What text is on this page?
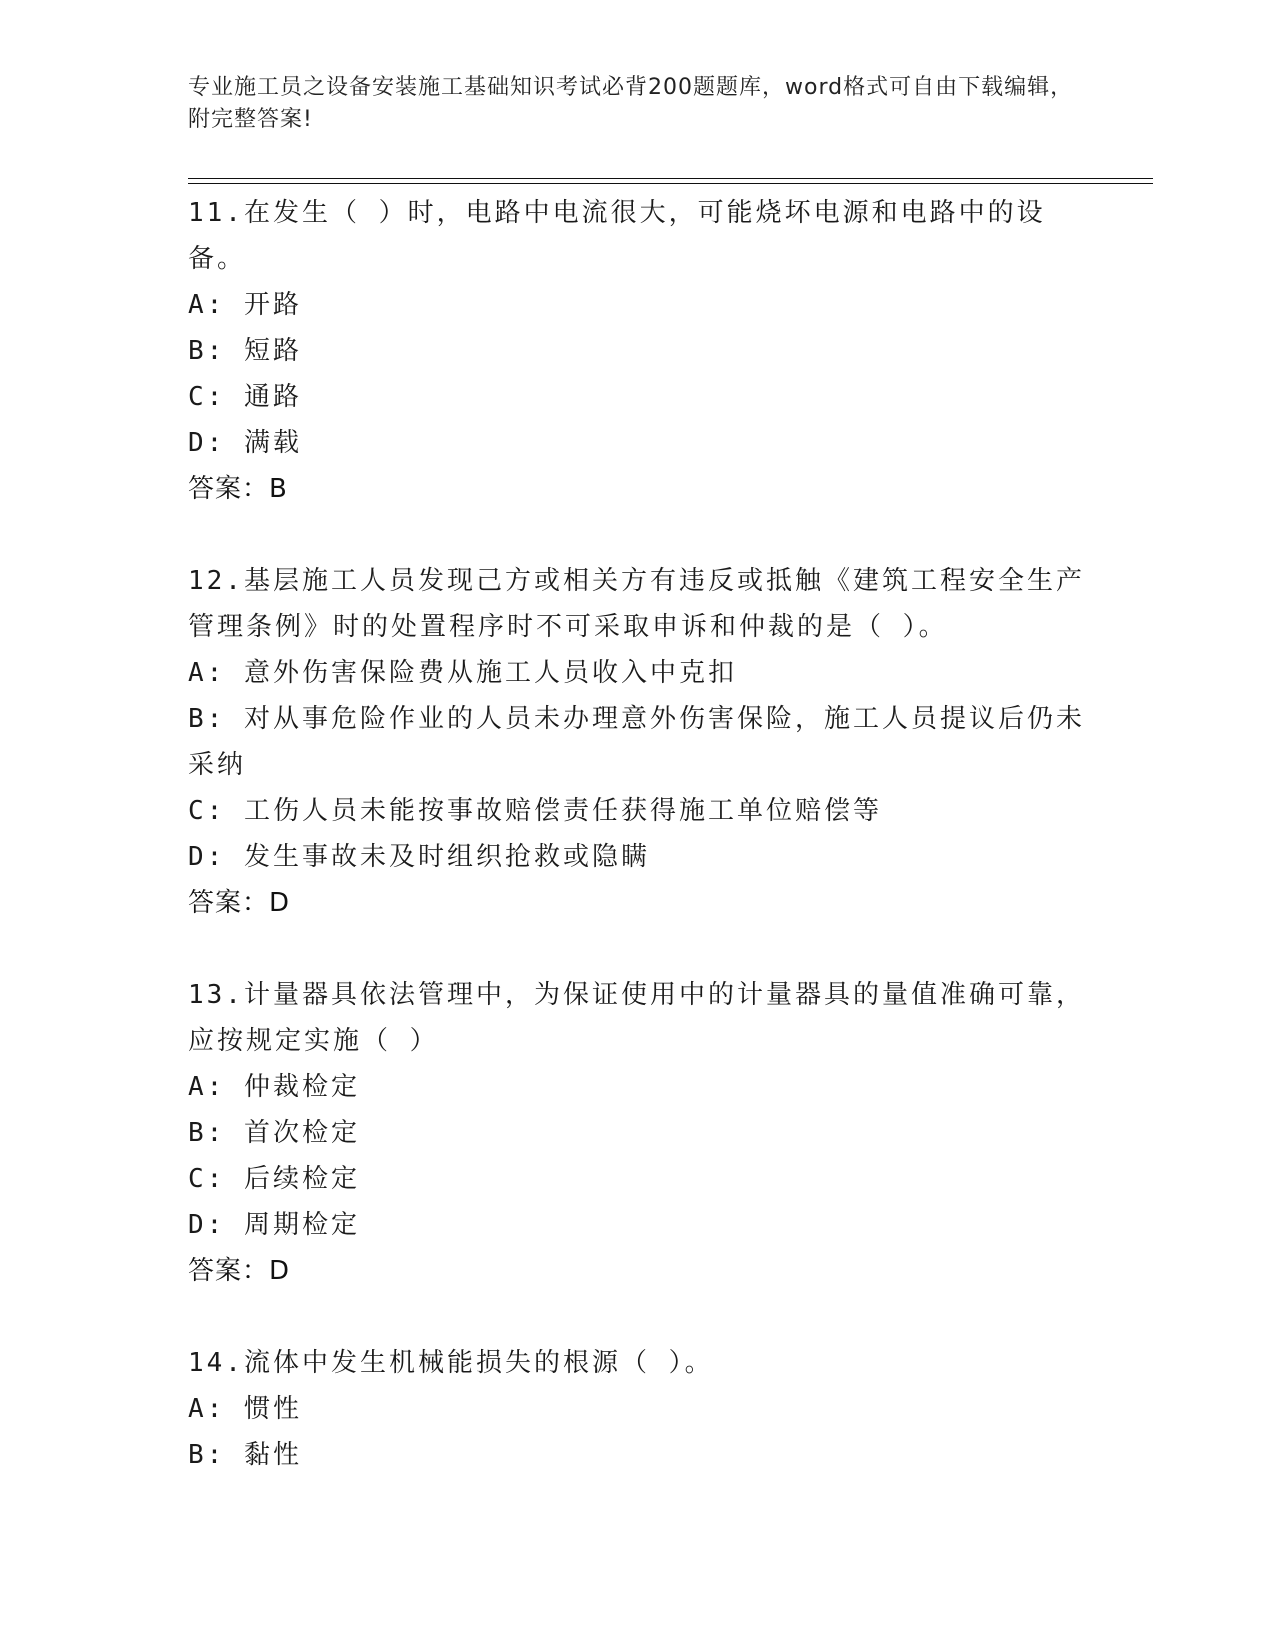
专业施工员之设备安装施工基础知识考试必背200题题库，word格式可自由下载编辑，附完整答案!

11.在发生（ ）时，电路中电流很大，可能烧坏电源和电路中的设备。

A: 开路

B: 短路

C: 通路

D: 满载

答案：B

12.基层施工人员发现己方或相关方有违反或抵触《建筑工程安全生产管理条例》时的处置程序时不可采取申诉和仲裁的是（ ）。

A: 意外伤害保险费从施工人员收入中克扣

B: 对从事危险作业的人员未办理意外伤害保险，施工人员提议后仍未采纳

C: 工伤人员未能按事故赔偿责任获得施工单位赔偿等

D: 发生事故未及时组织抢救或隐瞒

答案：D

13.计量器具依法管理中，为保证使用中的计量器具的量值准确可靠，应按规定实施（ ）

A: 仲裁检定

B: 首次检定

C: 后续检定

D: 周期检定

答案：D

14.流体中发生机械能损失的根源（ ）。

A: 惯性

B: 黏性
